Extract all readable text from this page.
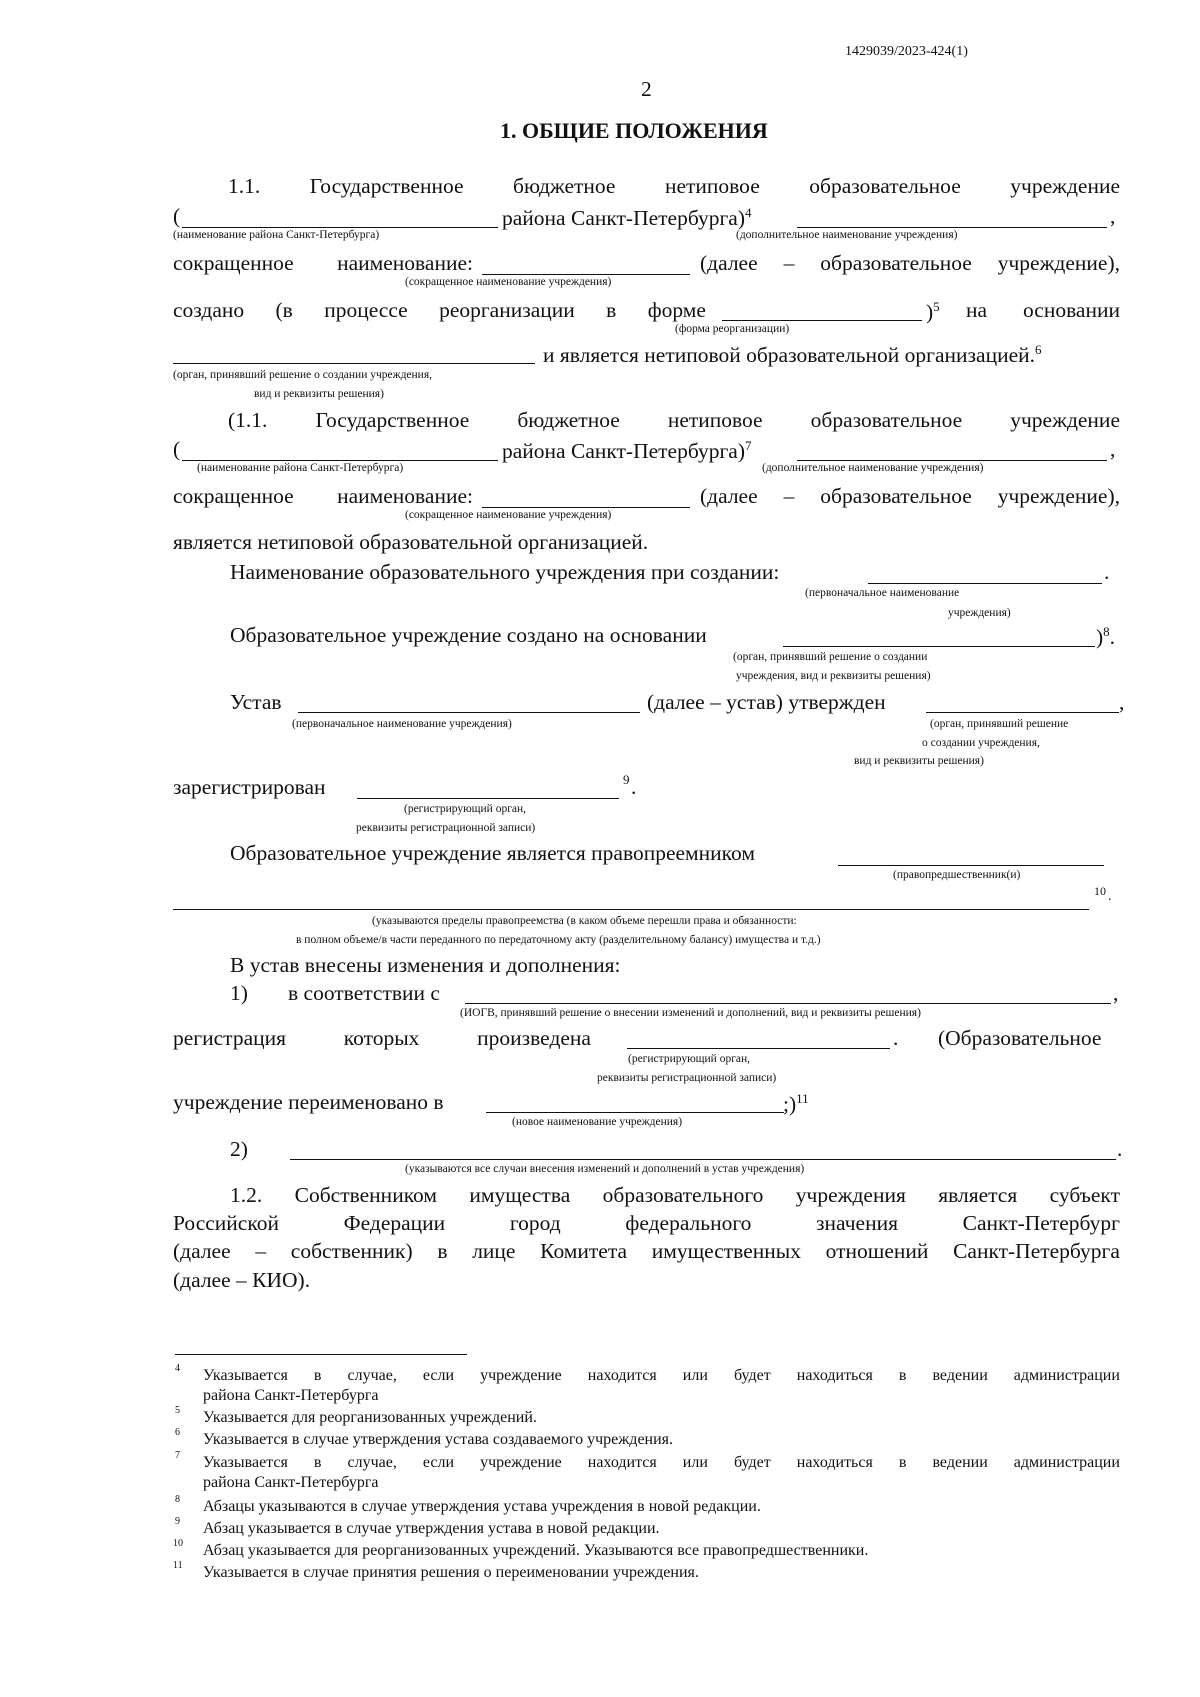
1429039/2023-424(1)
2
1. ОБЩИЕ ПОЛОЖЕНИЯ
1.1. Государственное бюджетное нетиповое образовательное учреждение
(	района Санкт-Петербурга)$^4$	,
(наименование района Санкт-Петербурга)	(дополнительное наименование учреждения)
сокращенное наименование:	(далее – образовательное учреждение),
(сокращенное наименование учреждения)
создано (в процессе реорганизации в форме	)$^5$ на основании
(форма реорганизации)
и является нетиповой образовательной организацией.$^6$
(орган, принявший решение о создании учреждения,
вид и реквизиты решения)
(1.1. Государственное бюджетное нетиповое образовательное учреждение
(	района Санкт-Петербурга)$^7$	,
(наименование района Санкт-Петербурга)	(дополнительное наименование учреждения)
сокращенное наименование:	(далее – образовательное учреждение),
(сокращенное наименование учреждения)
является нетиповой образовательной организацией.
Наименование образовательного учреждения при создании:	.
(первоначальное наименование
учреждения)
Образовательное учреждение создано на основании	)$^8$.
(орган, принявший решение о создании
учреждения, вид и реквизиты решения)
Устав	(далее – устав) утвержден	,
(первоначальное наименование учреждения)	(орган, принявший решение
о создании учреждения,
вид и реквизиты решения)
зарегистрирован	9 .
(регистрирующий орган,
реквизиты регистрационной записи)
Образовательное учреждение является правопреемником
(правопредшественник(и)
10 .
(указываются пределы правопреемства (в каком объеме перешли права и обязанности:
в полном объеме/в части переданного по передаточному акту (разделительному балансу) имущества и т.д.)
В устав внесены изменения и дополнения:
1) в соответствии с	,
(ИОГВ, принявший решение о внесении изменений и дополнений, вид и реквизиты решения)
регистрация	которых	произведена	. (Образовательное
(регистрирующий орган,
реквизиты регистрационной записи)
учреждение переименовано в	;)$^{11}$
(новое наименование учреждения)
2)	.
(указываются все случаи внесения изменений и дополнений в устав учреждения)
1.2. Собственником имущества образовательного учреждения является субъект
Российской	Федерации	город	федерального	значения	Санкт-Петербург
(далее – собственник) в лице Комитета имущественных отношений Санкт-Петербурга
(далее – КИО).
4 Указывается в случае, если учреждение находится или будет находиться в ведении администрации
района Санкт-Петербурга
5 Указывается для реорганизованных учреждений.
6 Указывается в случае утверждения устава создаваемого учреждения.
7 Указывается в случае, если учреждение находится или будет находиться в ведении администрации
района Санкт-Петербурга
8 Абзацы указываются в случае утверждения устава учреждения в новой редакции.
9 Абзац указывается в случае утверждения устава в новой редакции.
10 Абзац указывается для реорганизованных учреждений. Указываются все правопредшественники.
11 Указывается в случае принятия решения о переименовании учреждения.
